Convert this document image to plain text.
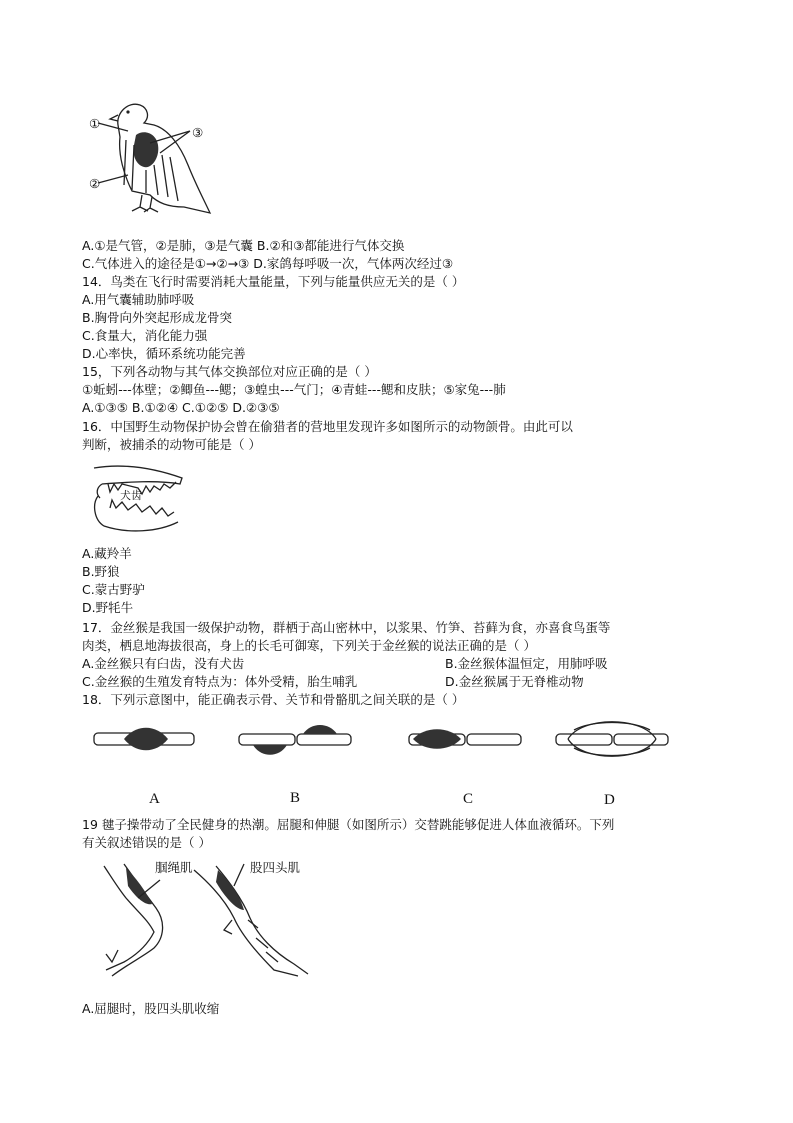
①
②
③
A.①是气管，②是肺，③是气囊 B.②和③都能进行气体交换
C.气体进入的途径是①→②→③ D.家鸽每呼吸一次，气体两次经过③
14．鸟类在飞行时需要消耗大量能量，下列与能量供应无关的是（ ）
A.用气囊辅助肺呼吸
B.胸骨向外突起形成龙骨突
C.食量大，消化能力强
D.心率快，循环系统功能完善
15，下列各动物与其气体交换部位对应正确的是（ ）
①蚯蚓---体壁；②鲫鱼---鳃；③蝗虫---气门；④青蛙---鳃和皮肤；⑤家兔---肺
A.①③⑤ B.①②④ C.①②⑤ D.②③⑤
16．中国野生动物保护协会曾在偷猎者的营地里发现许多如图所示的动物颌骨。由此可以
判断，被捕杀的动物可能是（ ）
犬齿
A.藏羚羊
B.野狼
C.蒙古野驴
D.野牦牛
17．金丝猴是我国一级保护动物，群栖于高山密林中，以浆果、竹笋、苔藓为食，亦喜食鸟蛋等
肉类，栖息地海拔很高，身上的长毛可御寒，下列关于金丝猴的说法正确的是（ ）
A.金丝猴只有臼齿，没有犬齿	B.金丝猴体温恒定，用肺呼吸
C.金丝猴的生殖发育特点为：体外受精，胎生哺乳	D.金丝猴属于无脊椎动物
18．下列示意图中，能正确表示骨、关节和骨骼肌之间关联的是（ ）
A	B	C	D
19 毽子操带动了全民健身的热潮。屈腿和伸腿（如图所示）交替跳能够促进人体血液循环。下列
有关叙述错误的是（ ）
腘绳肌	股四头肌
A.屈腿时，股四头肌收缩
